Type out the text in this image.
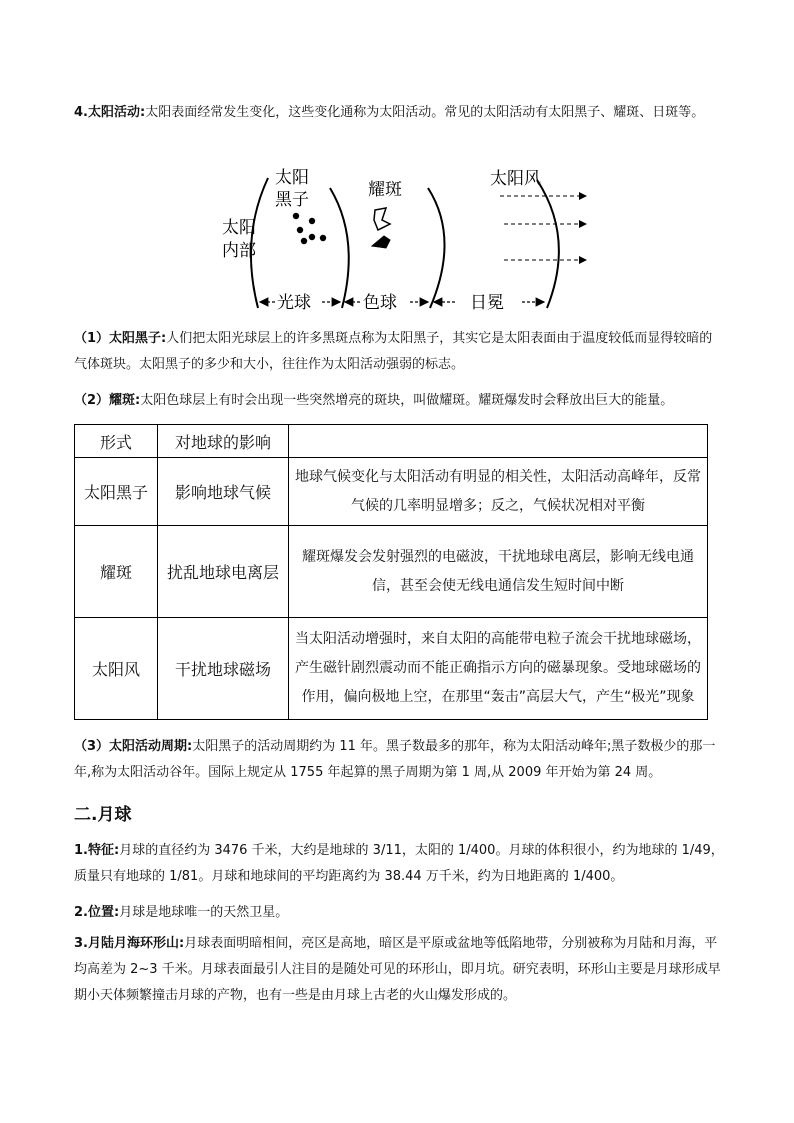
4.太阳活动:太阳表面经常发生变化，这些变化通称为太阳活动。常见的太阳活动有太阳黑子、耀斑、日斑等。

太阳
内部
太阳
黑子	耀斑
太阳风
光球	色球	日冕

（1）太阳黑子:人们把太阳光球层上的许多黑斑点称为太阳黑子，其实它是太阳表面由于温度较低而显得较暗的气体斑块。太阳黑子的多少和大小，往往作为太阳活动强弱的标志。

（2）耀斑:太阳色球层上有时会出现一些突然增亮的斑块，叫做耀斑。耀斑爆发时会释放出巨大的能量。

形式	对地球的影响	
太阳黑子	影响地球气候	地球气候变化与太阳活动有明显的相关性，太阳活动高峰年，反常气候的几率明显增多；反之，气候状况相对平衡
耀斑	扰乱地球电离层	耀斑爆发会发射强烈的电磁波，干扰地球电离层，影响无线电通信，甚至会使无线电通信发生短时间中断
太阳风	干扰地球磁场	当太阳活动增强时，来自太阳的高能带电粒子流会干扰地球磁场，产生磁针剧烈震动而不能正确指示方向的磁暴现象。受地球磁场的作用，偏向极地上空，在那里“轰击”高层大气，产生“极光”现象

（3）太阳活动周期:太阳黑子的活动周期约为 11 年。黑子数最多的那年，称为太阳活动峰年;黑子数极少的那一年,称为太阳活动谷年。国际上规定从 1755 年起算的黑子周期为第 1 周,从 2009 年开始为第 24 周。

二.月球

1.特征:月球的直径约为 3476 千米，大约是地球的 3/11，太阳的 1/400。月球的体积很小，约为地球的 1/49，质量只有地球的 1/81。月球和地球间的平均距离约为 38.44 万千米，约为日地距离的 1/400。

2.位置:月球是地球唯一的天然卫星。

3.月陆月海环形山:月球表面明暗相间，亮区是高地，暗区是平原或盆地等低陷地带，分别被称为月陆和月海，平均高差为 2~3 千米。月球表面最引人注目的是随处可见的环形山，即月坑。研究表明，环形山主要是月球形成早期小天体频繁撞击月球的产物，也有一些是由月球上古老的火山爆发形成的。
